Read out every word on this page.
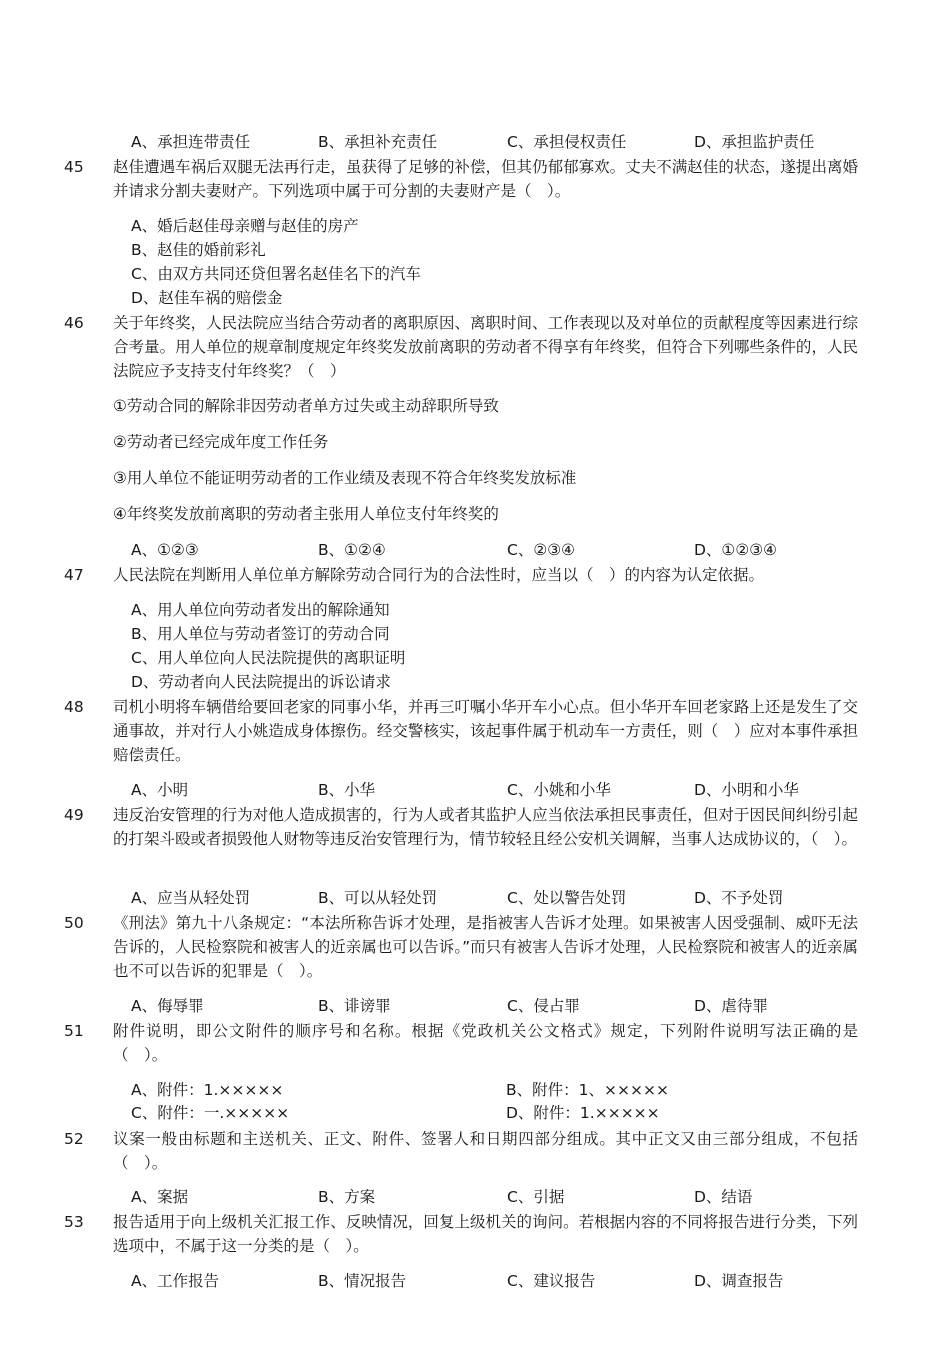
A、承担连带责任	B、承担补充责任	C、承担侵权责任	D、承担监护责任
45	赵佳遭遇车祸后双腿无法再行走，虽获得了足够的补偿，但其仍郁郁寡欢。丈夫不满赵佳的状态，遂提出离婚并请求分割夫妻财产。下列选项中属于可分割的夫妻财产是（　）。
A、婚后赵佳母亲赠与赵佳的房产
B、赵佳的婚前彩礼
C、由双方共同还贷但署名赵佳名下的汽车
D、赵佳车祸的赔偿金
46	关于年终奖，人民法院应当结合劳动者的离职原因、离职时间、工作表现以及对单位的贡献程度等因素进行综合考量。用人单位的规章制度规定年终奖发放前离职的劳动者不得享有年终奖，但符合下列哪些条件的，人民法院应予支持支付年终奖？（　）
①劳动合同的解除非因劳动者单方过失或主动辞职所导致
②劳动者已经完成年度工作任务
③用人单位不能证明劳动者的工作业绩及表现不符合年终奖发放标准
④年终奖发放前离职的劳动者主张用人单位支付年终奖的
A、①②③	B、①②④	C、②③④	D、①②③④
47	人民法院在判断用人单位单方解除劳动合同行为的合法性时，应当以（　）的内容为认定依据。
A、用人单位向劳动者发出的解除通知
B、用人单位与劳动者签订的劳动合同
C、用人单位向人民法院提供的离职证明
D、劳动者向人民法院提出的诉讼请求
48	司机小明将车辆借给要回老家的同事小华，并再三叮嘱小华开车小心点。但小华开车回老家路上还是发生了交通事故，并对行人小姚造成身体擦伤。经交警核实，该起事件属于机动车一方责任，则（　）应对本事件承担赔偿责任。
A、小明	B、小华	C、小姚和小华	D、小明和小华
49	违反治安管理的行为对他人造成损害的，行为人或者其监护人应当依法承担民事责任，但对于因民间纠纷引起的打架斗殴或者损毁他人财物等违反治安管理行为，情节较轻且经公安机关调解，当事人达成协议的，（　）。
A、应当从轻处罚	B、可以从轻处罚	C、处以警告处罚	D、不予处罚
50	《刑法》第九十八条规定：“本法所称告诉才处理，是指被害人告诉才处理。如果被害人因受强制、威吓无法告诉的，人民检察院和被害人的近亲属也可以告诉。”而只有被害人告诉才处理，人民检察院和被害人的近亲属也不可以告诉的犯罪是（　）。
A、侮辱罪	B、诽谤罪	C、侵占罪	D、虐待罪
51	附件说明，即公文附件的顺序号和名称。根据《党政机关公文格式》规定，下列附件说明写法正确的是（　）。
A、附件：1.×××××	B、附件：1、×××××
C、附件：一.×××××	D、附件：1.×××××
52	议案一般由标题和主送机关、正文、附件、签署人和日期四部分组成。其中正文又由三部分组成，不包括（　）。
A、案据	B、方案	C、引据	D、结语
53	报告适用于向上级机关汇报工作、反映情况，回复上级机关的询问。若根据内容的不同将报告进行分类，下列选项中，不属于这一分类的是（　）。
A、工作报告	B、情况报告	C、建议报告	D、调查报告
